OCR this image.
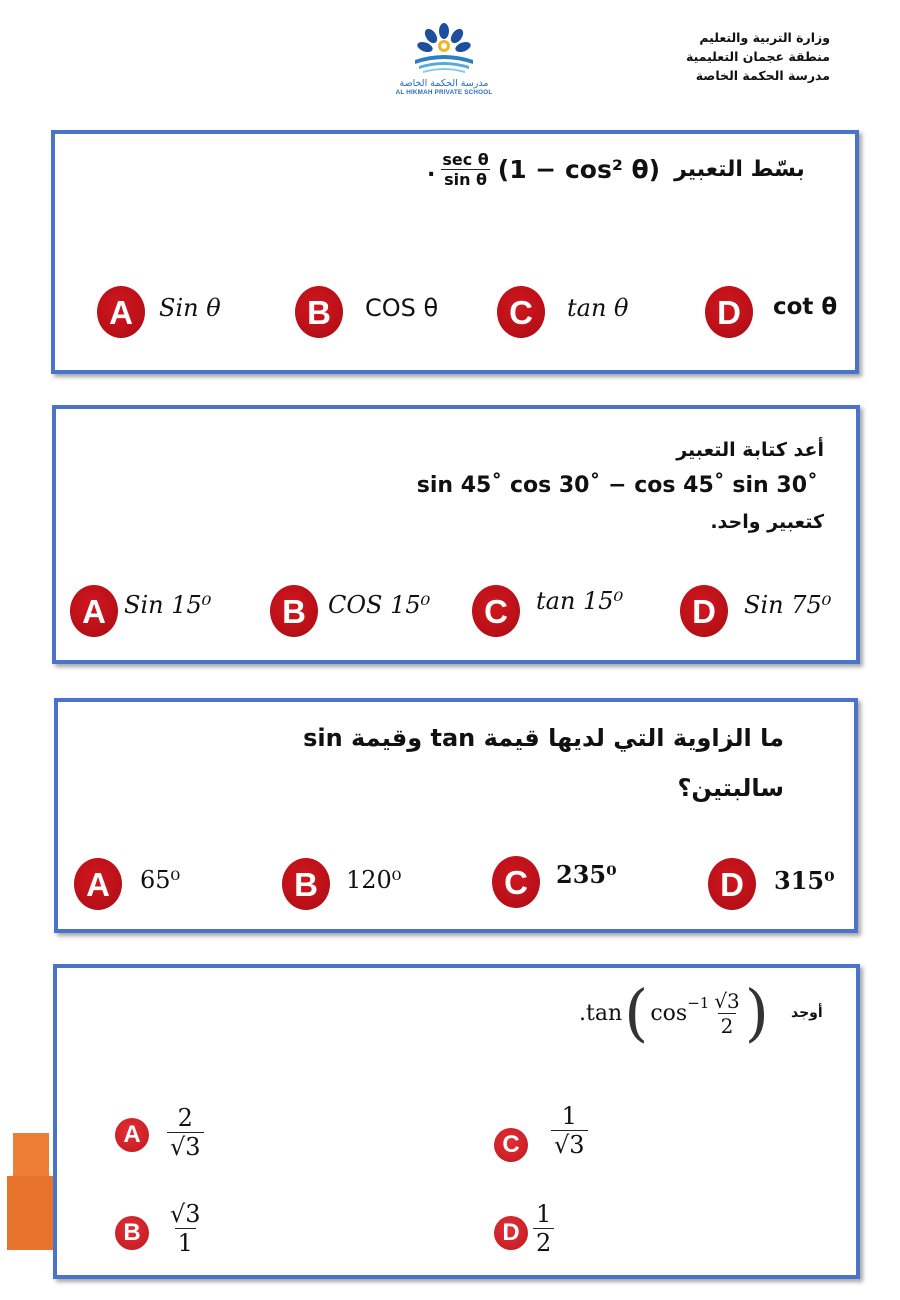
وزارة التربية والتعليم
منطقة عجمان التعليمية
مدرسة الحكمة الخاصة
مدرسة الحكمة الخاصة
AL HIKMAH PRIVATE SCHOOL
. $\frac{\text{sec θ}}{\text{sin θ}} (1 - \cos^2$ θ) بسّط التعبير
A	Sin θ	B	COS θ	C	tan θ	D	cot θ
أعد كتابة التعبير
sin 45˚ cos 30˚ − cos 45˚ sin 30˚
كتعبير واحد.
A Sin 15⁰	B COS 15⁰	C	tan 15⁰	D	Sin 75⁰
ما الزاوية التي لديها قيمة tan وقيمة sin
سالبتين؟
A	65⁰	B	120⁰	C	235⁰	D	315⁰
.tan ( $\cos -1 \frac{√3}{2}$ ) أوجد
A	$\frac{2}{√3}$
B	$\frac{√3}{1}$
C	$\frac{1}{√3}$
D $\frac{1}{2}$
